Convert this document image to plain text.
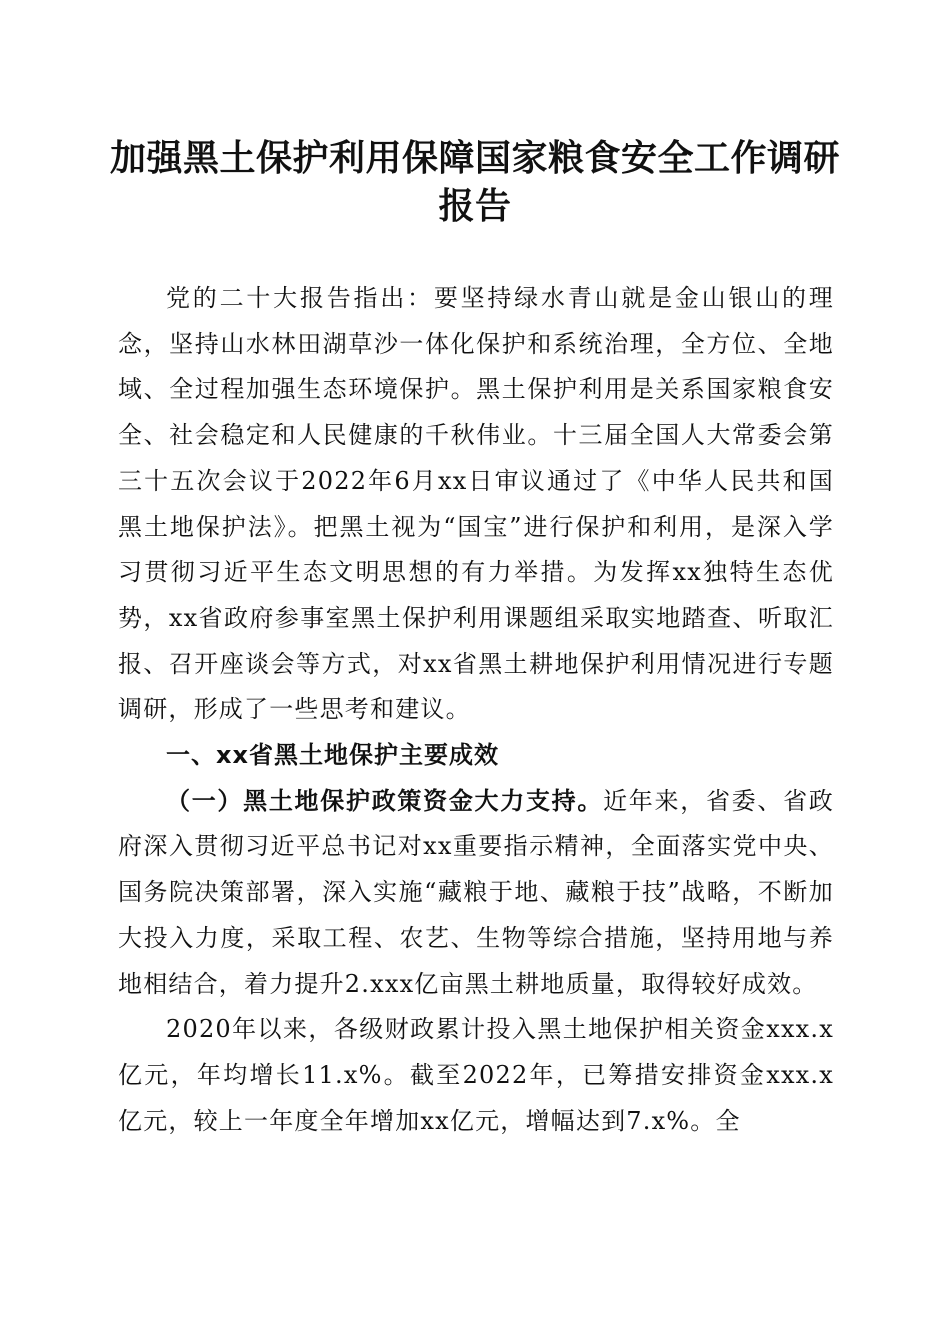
加强黑土保护利用保障国家粮食安全工作调研报告

党的二十大报告指出：要坚持绿水青山就是金山银山的理念，坚持山水林田湖草沙一体化保护和系统治理，全方位、全地域、全过程加强生态环境保护。黑土保护利用是关系国家粮食安全、社会稳定和人民健康的千秋伟业。十三届全国人大常委会第三十五次会议于2022年6月xx日审议通过了《中华人民共和国黑土地保护法》。把黑土视为“国宝”进行保护和利用，是深入学习贯彻习近平生态文明思想的有力举措。为发挥xx独特生态优势，xx省政府参事室黑土保护利用课题组采取实地踏查、听取汇报、召开座谈会等方式，对xx省黑土耕地保护利用情况进行专题调研，形成了一些思考和建议。

一、xx省黑土地保护主要成效

（一）黑土地保护政策资金大力支持。近年来，省委、省政府深入贯彻习近平总书记对xx重要指示精神，全面落实党中央、国务院决策部署，深入实施“藏粮于地、藏粮于技”战略，不断加大投入力度，采取工程、农艺、生物等综合措施，坚持用地与养地相结合，着力提升2.xxx亿亩黑土耕地质量，取得较好成效。

2020年以来，各级财政累计投入黑土地保护相关资金xxx.x亿元，年均增长11.x%。截至2022年，已筹措安排资金xxx.x亿元，较上一年度全年增加xx亿元，增幅达到7.x%。全
